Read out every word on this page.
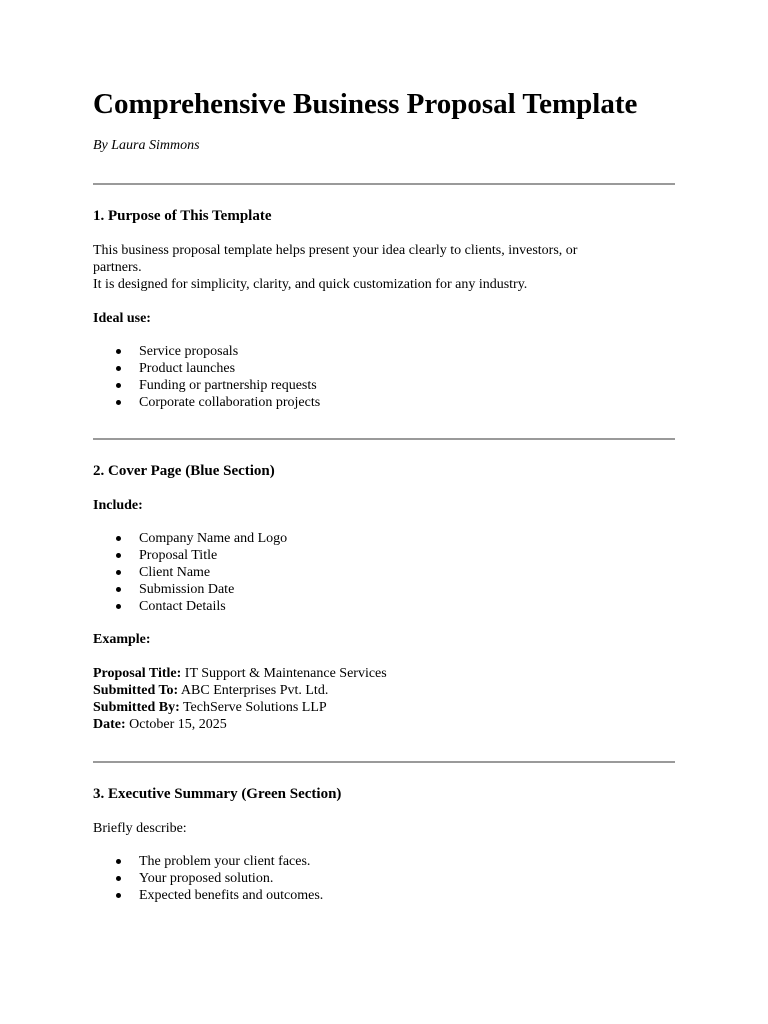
Comprehensive Business Proposal Template
By Laura Simmons
1. Purpose of This Template
This business proposal template helps present your idea clearly to clients, investors, or
partners.
It is designed for simplicity, clarity, and quick customization for any industry.
Ideal use:
Service proposals
Product launches
Funding or partnership requests
Corporate collaboration projects
2. Cover Page (Blue Section)
Include:
Company Name and Logo
Proposal Title
Client Name
Submission Date
Contact Details
Example:
Proposal Title: IT Support & Maintenance Services
Submitted To: ABC Enterprises Pvt. Ltd.
Submitted By: TechServe Solutions LLP
Date: October 15, 2025
3. Executive Summary (Green Section)
Briefly describe:
The problem your client faces.
Your proposed solution.
Expected benefits and outcomes.
